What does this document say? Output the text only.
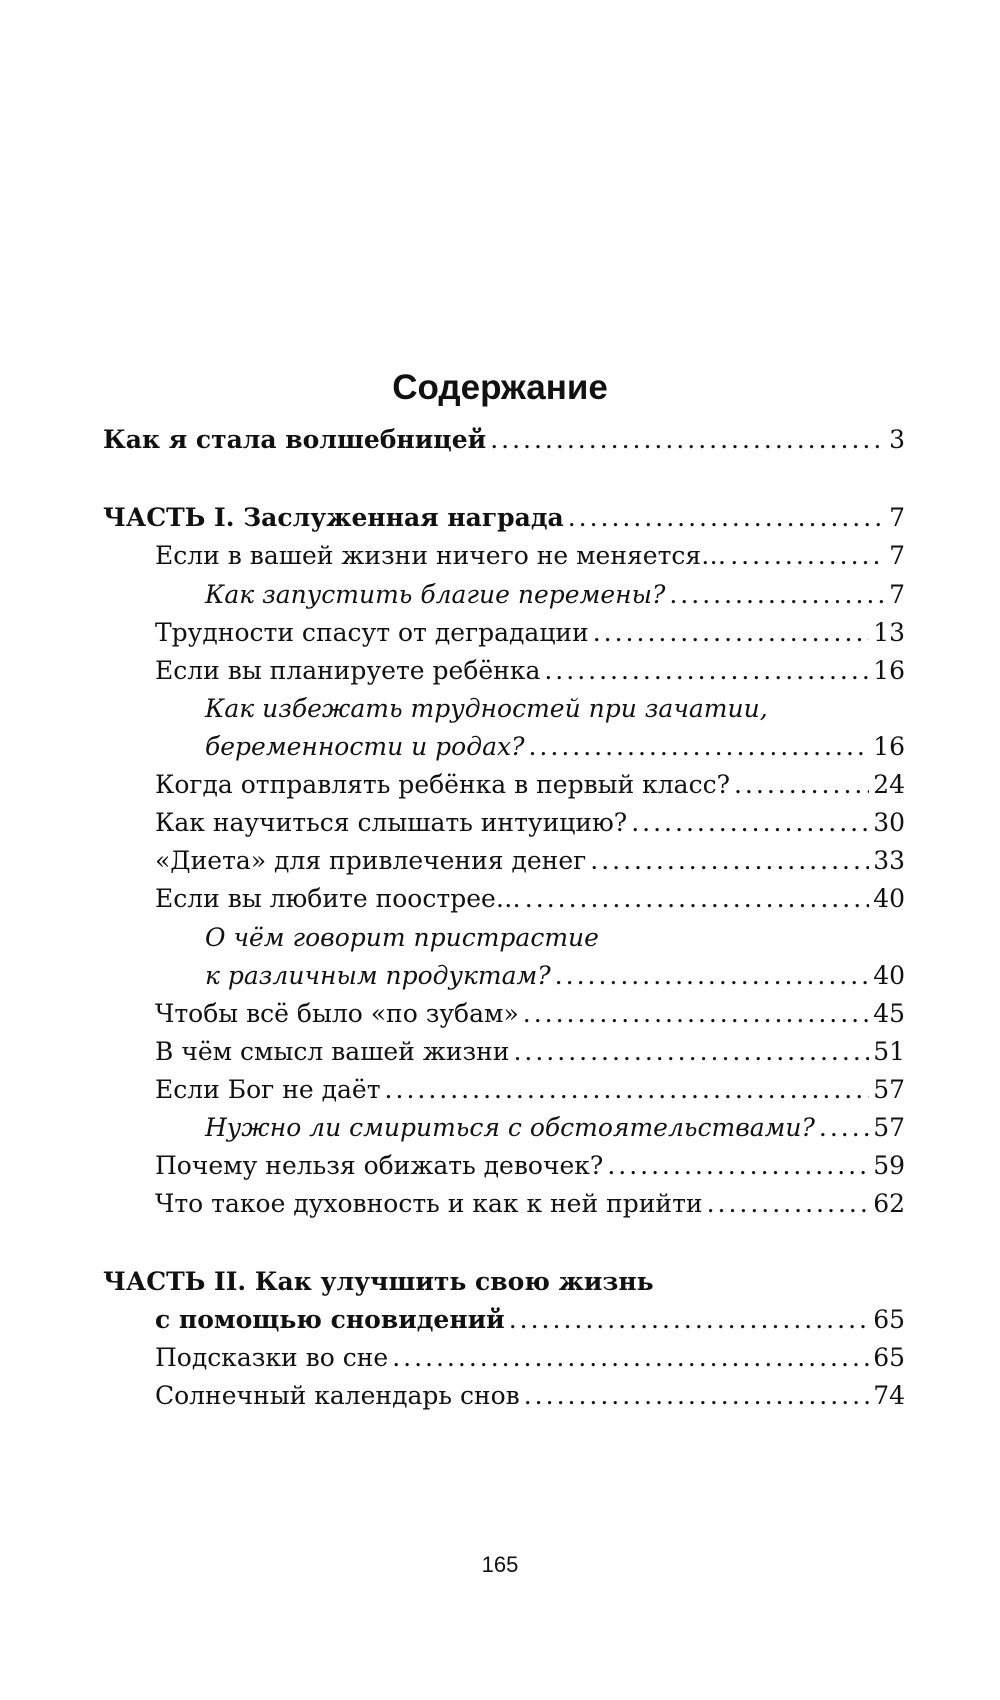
Содержание
Как я стала волшебницей .....	3
ЧАСТЬ I. Заслуженная награда .....	7
Если в вашей жизни ничего не меняется… .....	7
Как запустить благие перемены? .....	7
Трудности спасут от деградации .....	13
Если вы планируете ребёнка .....	16
Как избежать трудностей при зачатии,
беременности и родах? .....	16
Когда отправлять ребёнка в первый класс? .....	24
Как научиться слышать интуицию? .....	30
«Диета» для привлечения денег .....	33
Если вы любите поострее… .....	40
О чём говорит пристрастие
к различным продуктам? .....	40
Чтобы всё было «по зубам» .....	45
В чём смысл вашей жизни .....	51
Если Бог не даёт .....	57
Нужно ли смириться с обстоятельствами? ..... 57
Почему нельзя обижать девочек? .....	59
Что такое духовность и как к ней прийти .....	62
ЧАСТЬ II. Как улучшить свою жизнь
с помощью сновидений .....	65
Подсказки во сне .....	65
Солнечный календарь снов .....	74
165
